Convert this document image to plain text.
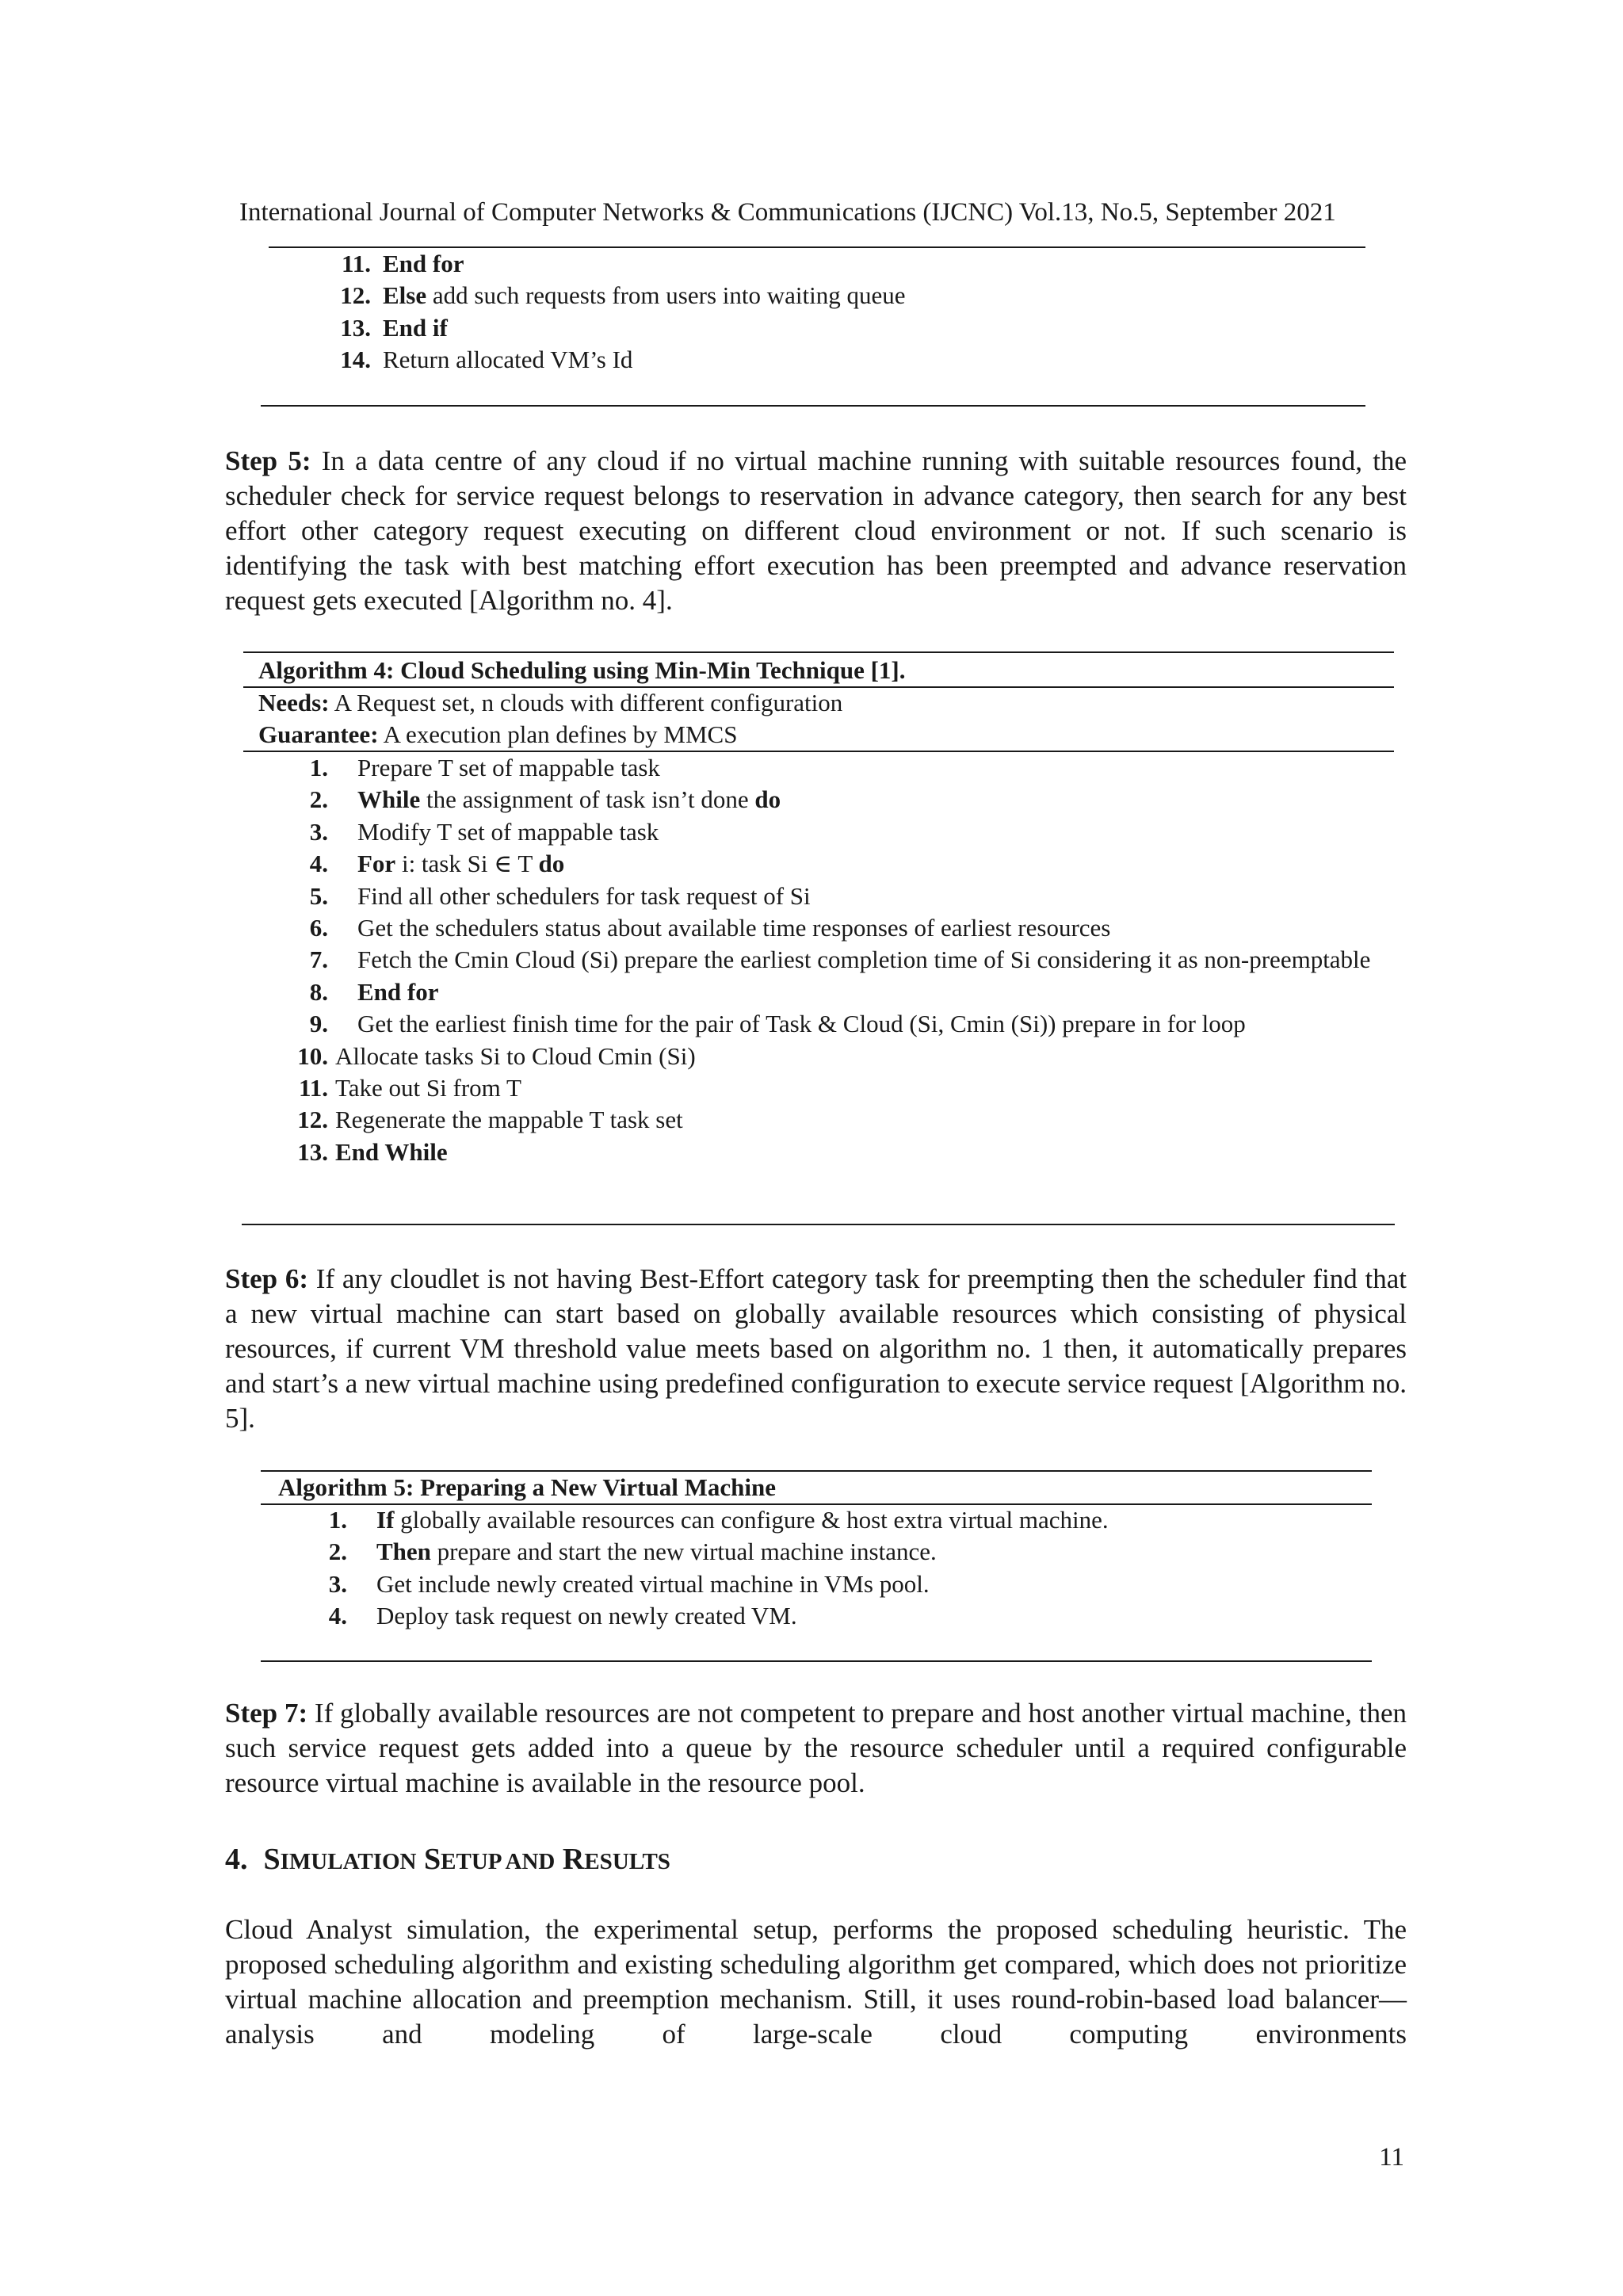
International Journal of Computer Networks & Communications (IJCNC) Vol.13, No.5, September 2021
11. End for
12. Else add such requests from users into waiting queue
13. End if
14. Return allocated VM’s Id
Step 5: In a data centre of any cloud if no virtual machine running with suitable resources found, the scheduler check for service request belongs to reservation in advance category, then search for any best effort other category request executing on different cloud environment or not. If such scenario is identifying the task with best matching effort execution has been preempted and advance reservation request gets executed [Algorithm no. 4].
Algorithm 4: Cloud Scheduling using Min-Min Technique [1].
Needs: A Request set, n clouds with different configuration
Guarantee: A execution plan defines by MMCS
1.	Prepare T set of mappable task
2.	While the assignment of task isn’t done do
3.	Modify T set of mappable task
4.	For i: task Si ∈ T do
5.	Find all other schedulers for task request of Si
6.	Get the schedulers status about available time responses of earliest resources
7.	Fetch the Cmin Cloud (Si) prepare the earliest completion time of Si considering it as non-preemptable
8.	End for
9.	Get the earliest finish time for the pair of Task & Cloud (Si, Cmin (Si)) prepare in for loop
10. Allocate tasks Si to Cloud Cmin (Si)
11. Take out Si from T
12. Regenerate the mappable T task set
13. End While
Step 6: If any cloudlet is not having Best-Effort category task for preempting then the scheduler find that a new virtual machine can start based on globally available resources which consisting of physical resources, if current VM threshold value meets based on algorithm no. 1 then, it automatically prepares and start’s a new virtual machine using predefined configuration to execute service request [Algorithm no. 5].
Algorithm 5: Preparing a New Virtual Machine
1.	If globally available resources can configure & host extra virtual machine.
2.	Then prepare and start the new virtual machine instance.
3.	Get include newly created virtual machine in VMs pool.
4.	Deploy task request on newly created VM.
Step 7: If globally available resources are not competent to prepare and host another virtual machine, then such service request gets added into a queue by the resource scheduler until a required configurable resource virtual machine is available in the resource pool.
4. SIMULATION SETUP AND RESULTS
Cloud Analyst simulation, the experimental setup, performs the proposed scheduling heuristic. The proposed scheduling algorithm and existing scheduling algorithm get compared, which does not prioritize virtual machine allocation and preemption mechanism. Still, it uses round-robin-based load balancer—analysis and modeling of large-scale cloud computing environments
11
